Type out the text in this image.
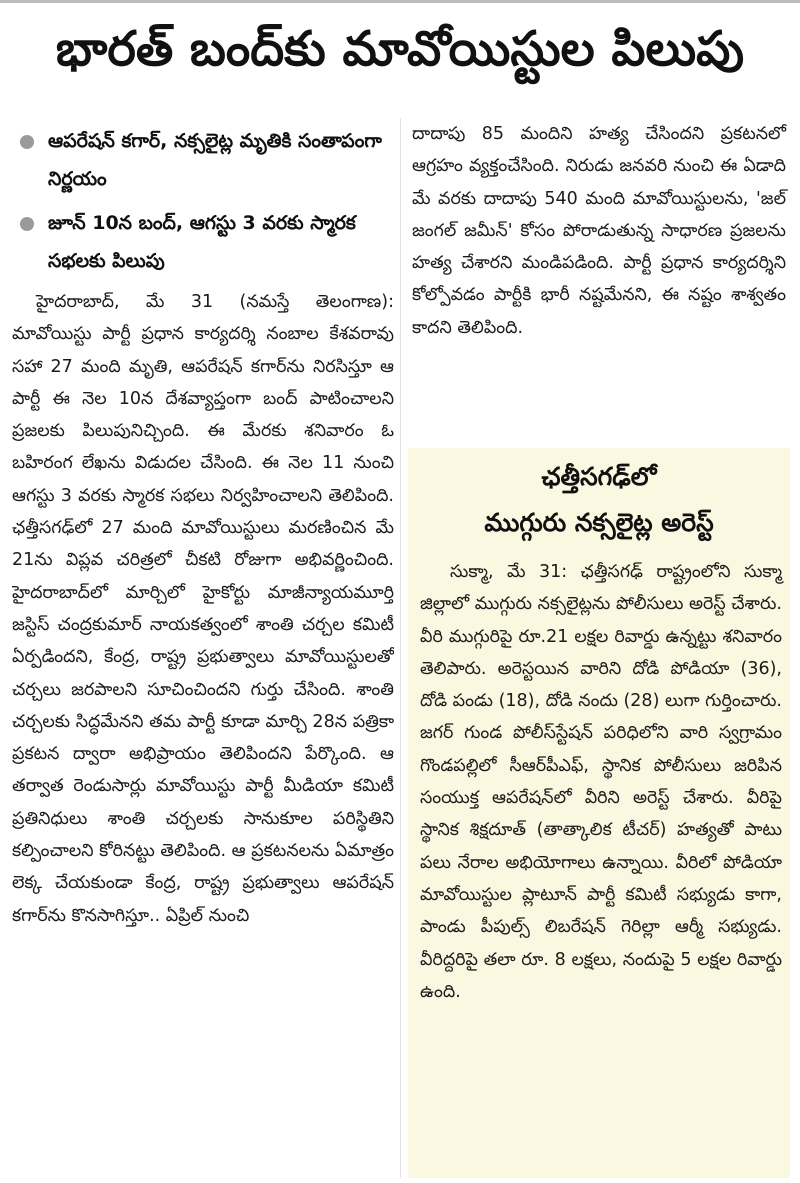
భారత్ బంద్‌కు మావోయిస్టుల పిలుపు
ఆపరేషన్ కగార్, నక్సలైట్ల మృతికి సంతాపంగా నిర్ణయం
జూన్ 10న బంద్, ఆగస్టు 3 వరకు స్మారక సభలకు పిలుపు

హైదరాబాద్, మే 31 (నమస్తే తెలంగాణ): మావోయిస్టు పార్టీ ప్రధాన కార్యదర్శి నంబాల కేశవరావు సహా 27 మంది మృతి, ఆపరేషన్ కగార్‌ను నిరసిస్తూ ఆ పార్టీ ఈ నెల 10న దేశవ్యాప్తంగా బంద్ పాటించాలని ప్రజలకు పిలుపునిచ్చింది. ఈ మేరకు శనివారం ఓ బహిరంగ లేఖను విడుదల చేసింది. ఈ నెల 11 నుంచి ఆగస్టు 3 వరకు స్మారక సభలు నిర్వహించాలని తెలిపింది. ఛత్తీసగఢ్‌లో 27 మంది మావోయిస్టులు మరణించిన మే 21ను విప్లవ చరిత్రలో చీకటి రోజుగా అభివర్ణించింది. హైదరాబాద్‌లో మార్చిలో హైకోర్టు మాజీన్యాయమూర్తి జస్టిస్ చంద్రకుమార్ నాయకత్వంలో శాంతి చర్చల కమిటీ ఏర్పడిందని, కేంద్ర, రాష్ట్ర ప్రభుత్వాలు మావోయిస్టులతో చర్చలు జరపాలని సూచించిందని గుర్తు చేసింది. శాంతి చర్చలకు సిద్ధమేనని తమ పార్టీ కూడా మార్చి 28న పత్రికా ప్రకటన ద్వారా అభిప్రాయం తెలిపిందని పేర్కొంది. ఆ తర్వాత రెండుసార్లు మావోయిస్టు పార్టీ మీడియా కమిటీ ప్రతినిధులు శాంతి చర్చలకు సానుకూల పరిస్థితిని కల్పించాలని కోరినట్టు తెలిపింది. ఆ ప్రకటనలను ఏమాత్రం లెక్క చేయకుండా కేంద్ర, రాష్ట్ర ప్రభుత్వాలు ఆపరేషన్ కగార్‌ను కొనసాగిస్తూ.. ఏప్రిల్ నుంచి

దాదాపు 85 మందిని హత్య చేసిందని ప్రకటనలో ఆగ్రహం వ్యక్తంచేసింది. నిరుడు జనవరి నుంచి ఈ ఏడాది మే వరకు దాదాపు 540 మంది మావోయిస్టులను, 'జల్ జంగల్ జమీన్' కోసం పోరాడుతున్న సాధారణ ప్రజలను హత్య చేశారని మండిపడింది. పార్టీ ప్రధాన కార్యదర్శిని కోల్పోవడం పార్టీకి భారీ నష్టమేనని, ఈ నష్టం శాశ్వతం కాదని తెలిపింది.

ఛత్తీసగఢ్‌లో
ముగ్గురు నక్సలైట్ల అరెస్ట్

సుక్మా, మే 31: ఛత్తీసగఢ్ రాష్ట్రంలోని సుక్మా జిల్లాలో ముగ్గురు నక్సలైట్లను పోలీసులు అరెస్ట్ చేశారు. వీరి ముగ్గురిపై రూ.21 లక్షల రివార్డు ఉన్నట్టు శనివారం తెలిపారు. అరెస్టయిన వారిని దోడి పోడియా (36), దోడి పండు (18), దోడి నందు (28) లుగా గుర్తించారు. జగర్ గుండ పోలీస్‌స్టేషన్ పరిధిలోని వారి స్వగ్రామం గొండపల్లిలో సీఆర్‌పీఎఫ్, స్థానిక పోలీసులు జరిపిన సంయుక్త ఆపరేషన్‌లో వీరిని అరెస్ట్ చేశారు. వీరిపై స్థానిక శిక్షదూత్ (తాత్కాలిక టీచర్) హత్యతో పాటు పలు నేరాల అభియోగాలు ఉన్నాయి. వీరిలో పోడియా మావోయిస్టుల ప్లాటూన్ పార్టీ కమిటీ సభ్యుడు కాగా, పాండు పీపుల్స్ లిబరేషన్ గెరిల్లా ఆర్మీ సభ్యుడు. వీరిద్దరిపై తలా రూ. 8 లక్షలు, నందుపై 5 లక్షల రివార్డు ఉంది.
